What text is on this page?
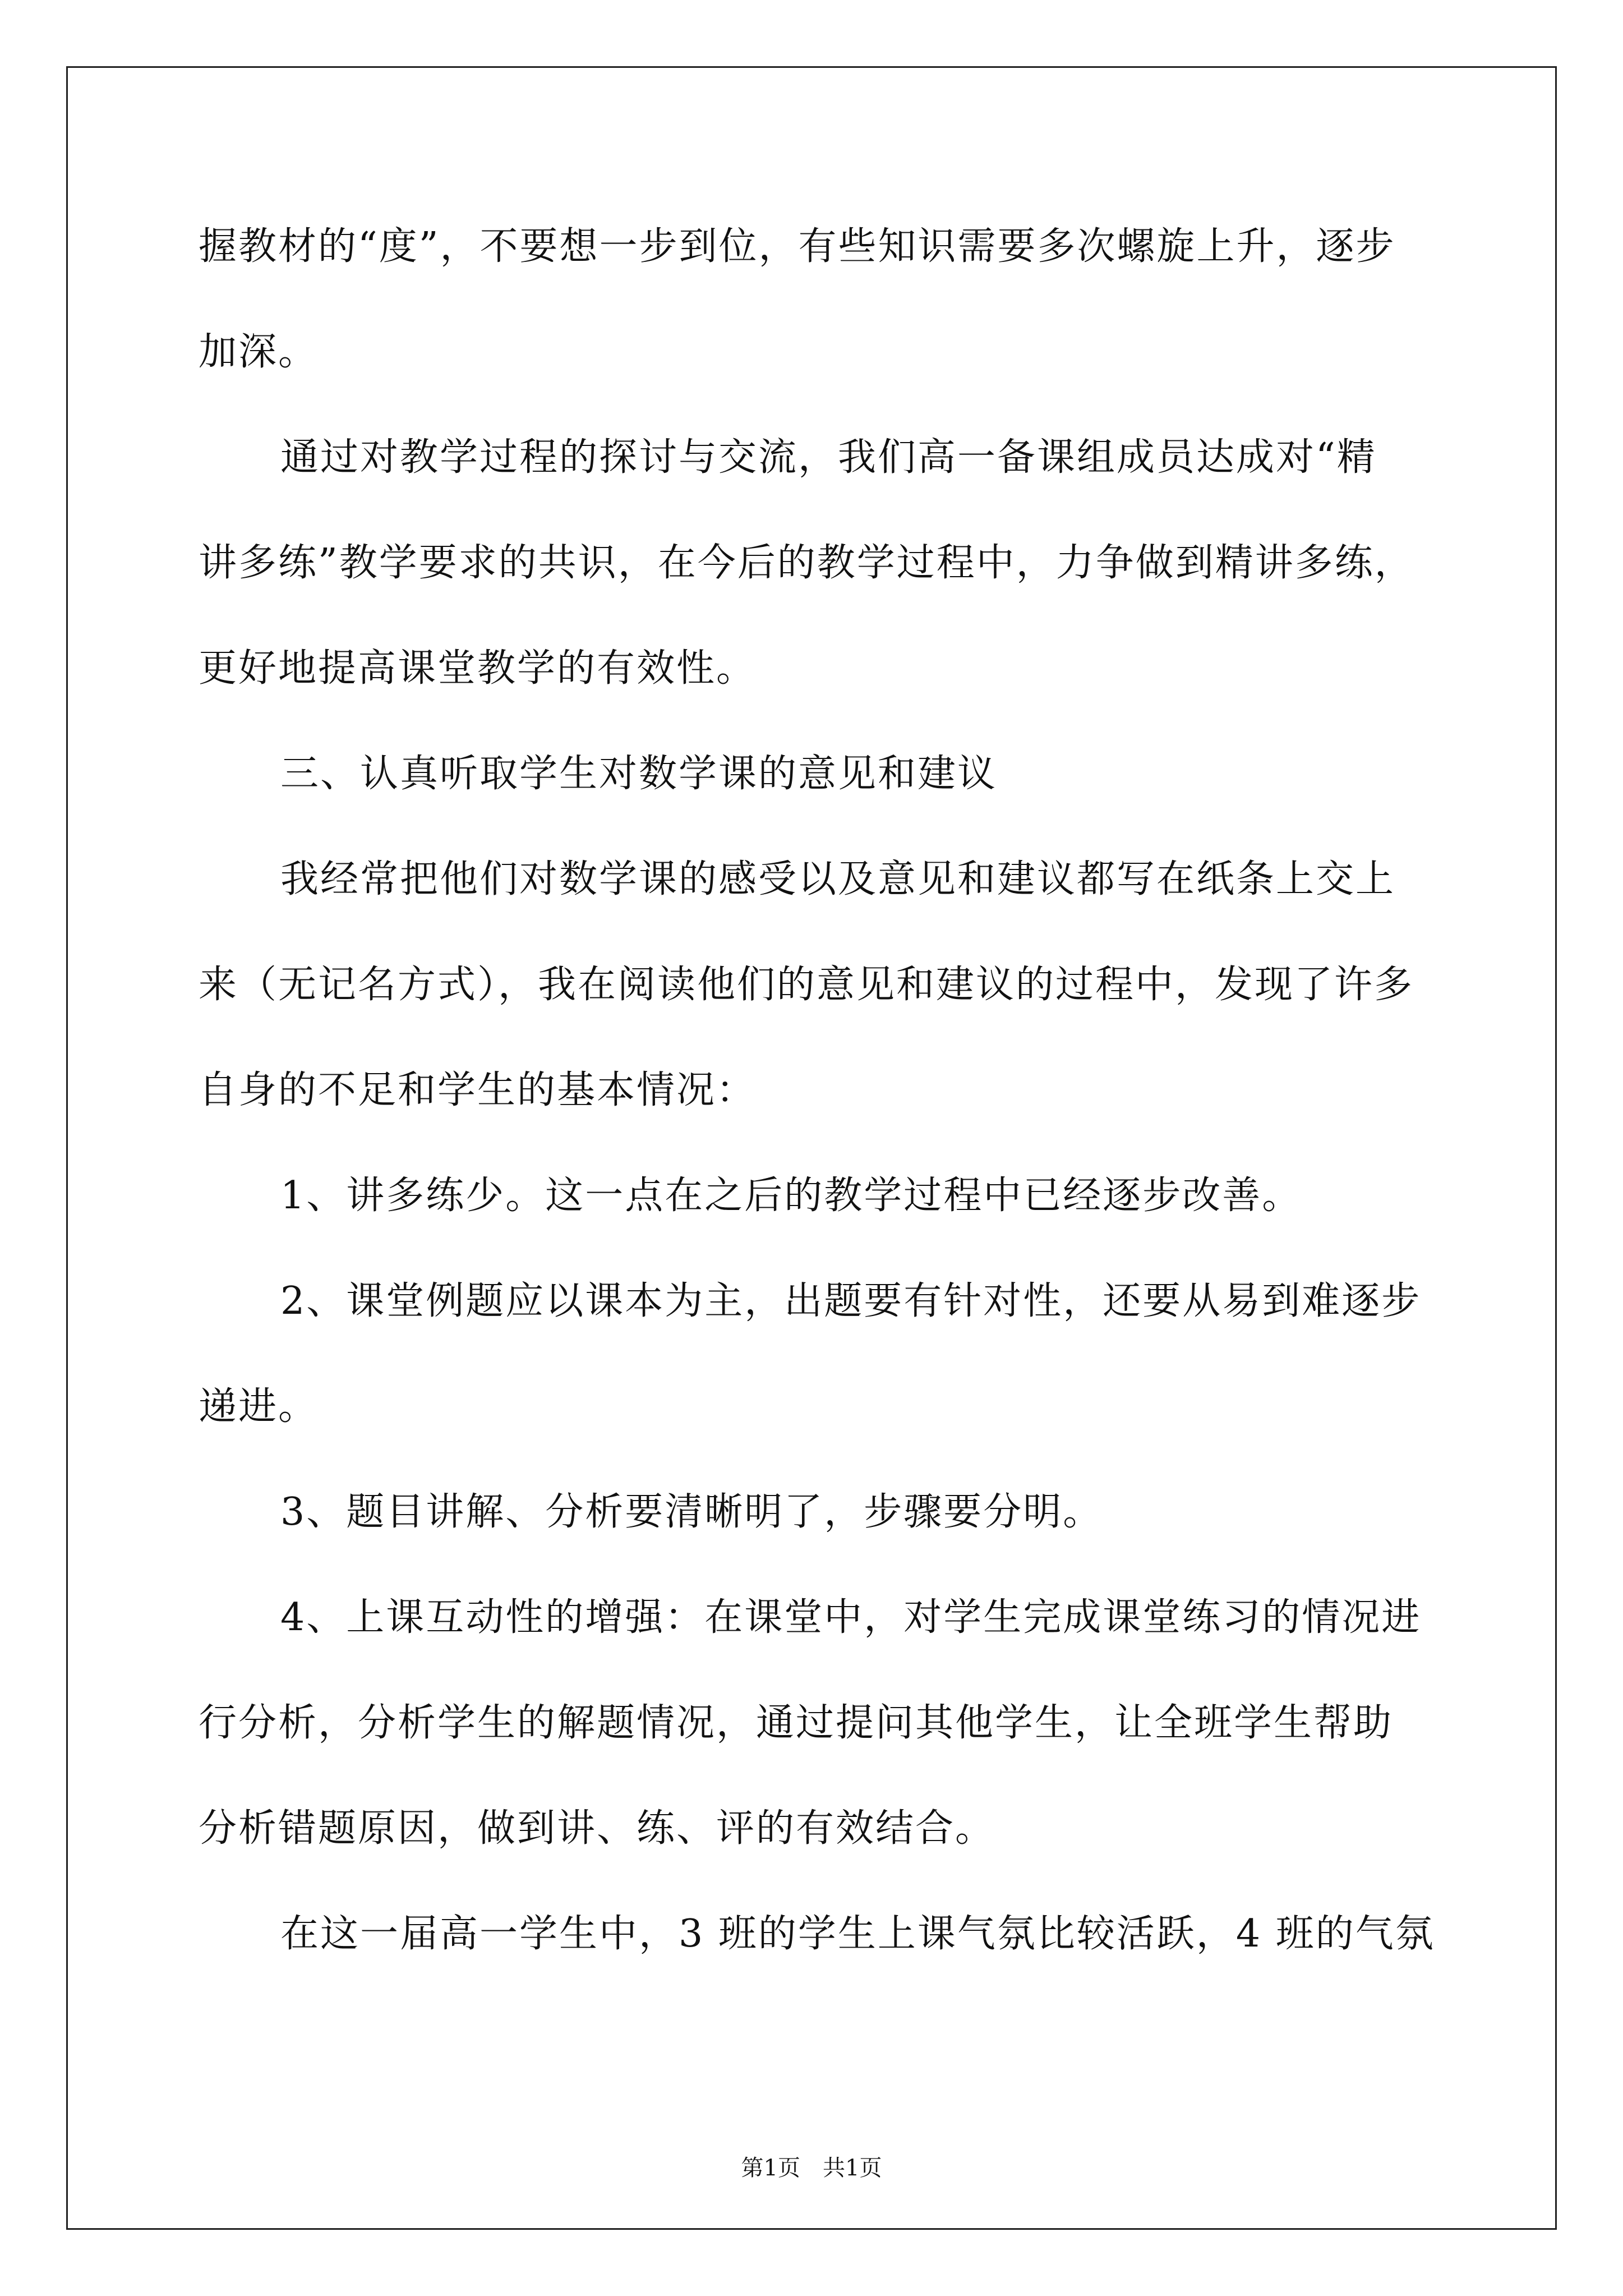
握教材的“度”，不要想一步到位，有些知识需要多次螺旋上升，逐步
加深。
通过对教学过程的探讨与交流，我们高一备课组成员达成对“精
讲多练”教学要求的共识，在今后的教学过程中，力争做到精讲多练，
更好地提高课堂教学的有效性。
三、认真听取学生对数学课的意见和建议
我经常把他们对数学课的感受以及意见和建议都写在纸条上交上
来（无记名方式），我在阅读他们的意见和建议的过程中，发现了许多
自身的不足和学生的基本情况：
1、讲多练少。这一点在之后的教学过程中已经逐步改善。
2、课堂例题应以课本为主，出题要有针对性，还要从易到难逐步
递进。
3、题目讲解、分析要清晰明了，步骤要分明。
4、上课互动性的增强：在课堂中，对学生完成课堂练习的情况进
行分析，分析学生的解题情况，通过提问其他学生，让全班学生帮助
分析错题原因，做到讲、练、评的有效结合。
在这一届高一学生中，3 班的学生上课气氛比较活跃，4 班的气氛
第1页　共1页
